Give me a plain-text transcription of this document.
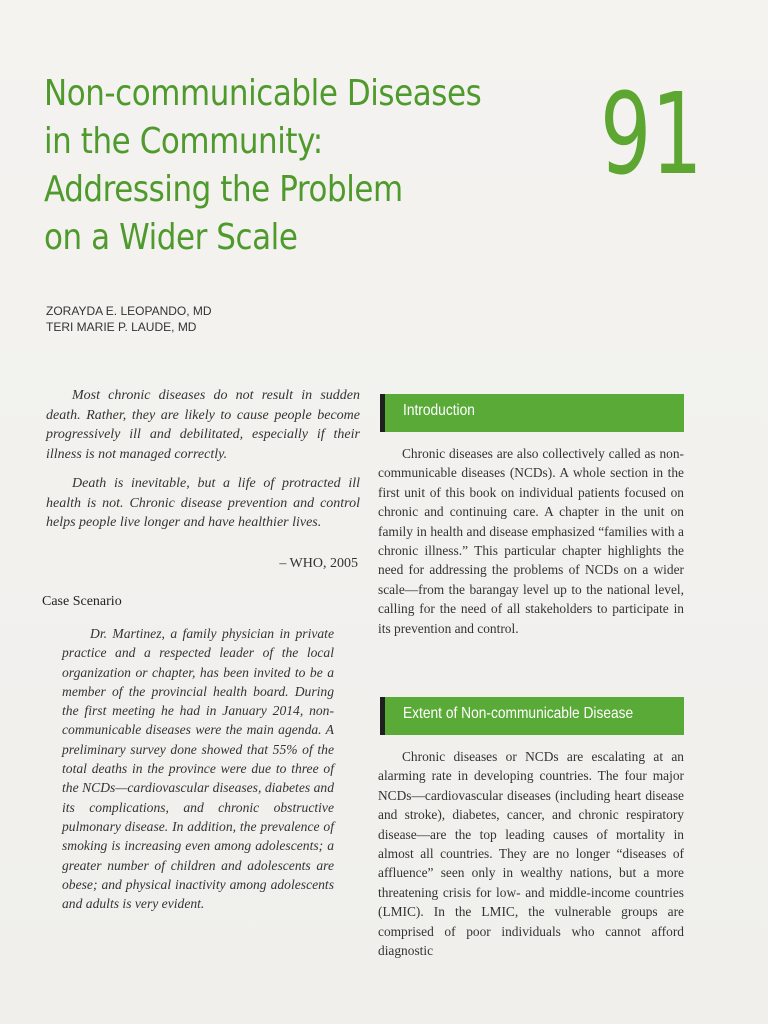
Non-communicable Diseases
in the Community:
Addressing the Problem
on a Wider Scale
91
ZORAYDA E. LEOPANDO, MD
TERI MARIE P. LAUDE, MD

Most chronic diseases do not result in sudden death. Rather, they are likely to cause people become progressively ill and debilitated, especially if their illness is not managed correctly.

Death is inevitable, but a life of protracted ill health is not. Chronic disease prevention and control helps people live longer and have healthier lives.

– WHO, 2005
Case Scenario

Dr. Martinez, a family physician in private practice and a respected leader of the local organization or chapter, has been invited to be a member of the provincial health board. During the first meeting he had in January 2014, non-communicable diseases were the main agenda. A preliminary survey done showed that 55% of the total deaths in the province were due to three of the NCDs—cardiovascular diseases, diabetes and its complications, and chronic obstructive pulmonary disease. In addition, the prevalence of smoking is increasing even among adolescents; a greater number of children and adolescents are obese; and physical inactivity among adolescents and adults is very evident.

Introduction

Chronic diseases are also collectively called as non-communicable diseases (NCDs). A whole section in the first unit of this book on individual patients focused on chronic and continuing care. A chapter in the unit on family in health and disease emphasized “families with a chronic illness.” This particular chapter highlights the need for addressing the problems of NCDs on a wider scale—from the barangay level up to the national level, calling for the need of all stakeholders to participate in its prevention and control.

Extent of Non-communicable Disease

Chronic diseases or NCDs are escalating at an alarming rate in developing countries. The four major NCDs—cardiovascular diseases (including heart disease and stroke), diabetes, cancer, and chronic respiratory disease—are the top leading causes of mortality in almost all countries. They are no longer “diseases of affluence” seen only in wealthy nations, but a more threatening crisis for low- and middle-income countries (LMIC). In the LMIC, the vulnerable groups are comprised of poor individuals who cannot afford diagnostic
